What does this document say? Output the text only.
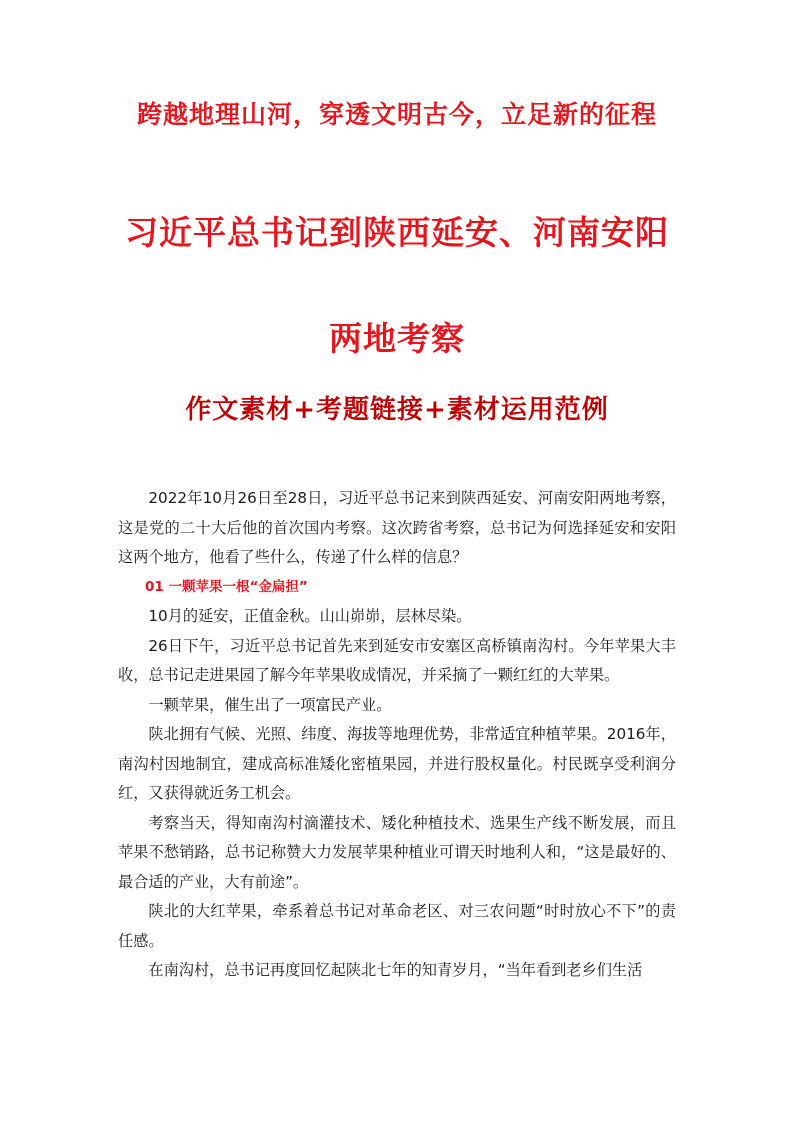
跨越地理山河，穿透文明古今，立足新的征程
习近平总书记到陕西延安、河南安阳两地考察
作文素材+考题链接+素材运用范例

2022年10月26日至28日，习近平总书记来到陕西延安、河南安阳两地考察，这是党的二十大后他的首次国内考察。这次跨省考察，总书记为何选择延安和安阳这两个地方，他看了些什么，传递了什么样的信息？

01 一颗苹果一根“金扁担”

10月的延安，正值金秋。山山峁峁，层林尽染。

26日下午，习近平总书记首先来到延安市安塞区高桥镇南沟村。今年苹果大丰收，总书记走进果园了解今年苹果收成情况，并采摘了一颗红红的大苹果。

一颗苹果，催生出了一项富民产业。

陕北拥有气候、光照、纬度、海拔等地理优势，非常适宜种植苹果。2016年，南沟村因地制宜，建成高标准矮化密植果园，并进行股权量化。村民既享受利润分红，又获得就近务工机会。

考察当天，得知南沟村滴灌技术、矮化种植技术、选果生产线不断发展，而且苹果不愁销路，总书记称赞大力发展苹果种植业可谓天时地利人和，“这是最好的、最合适的产业，大有前途”。

陕北的大红苹果，牵系着总书记对革命老区、对三农问题“时时放心不下”的责任感。

在南沟村，总书记再度回忆起陕北七年的知青岁月，“当年看到老乡们生活
